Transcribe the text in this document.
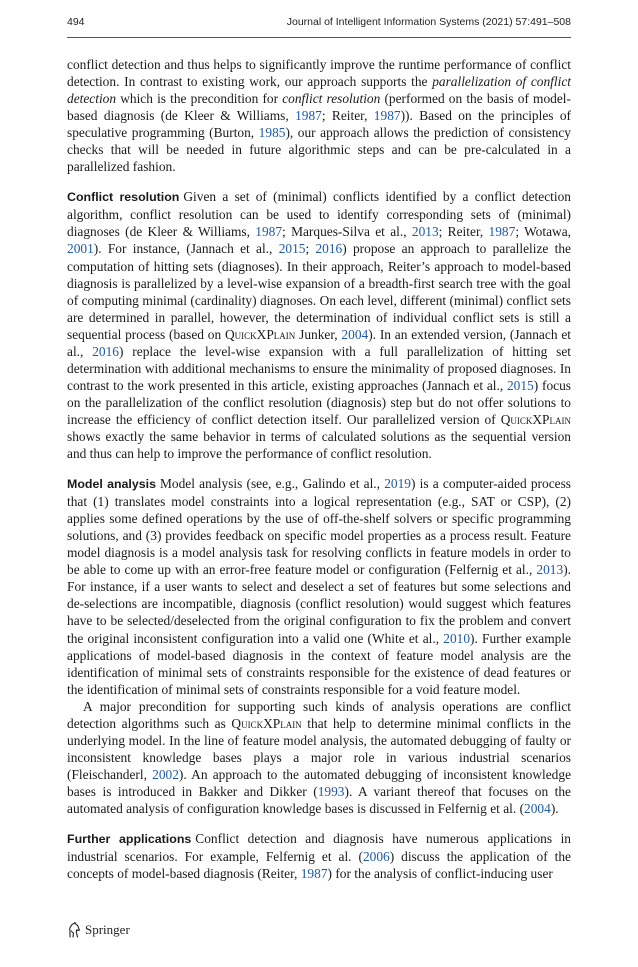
494	Journal of Intelligent Information Systems (2021) 57:491–508

conflict detection and thus helps to significantly improve the runtime performance of conflict detection. In contrast to existing work, our approach supports the parallelization of conflict detection which is the precondition for conflict resolution (performed on the basis of model-based diagnosis (de Kleer & Williams, 1987; Reiter, 1987)). Based on the principles of speculative programming (Burton, 1985), our approach allows the prediction of consistency checks that will be needed in future algorithmic steps and can be pre-calculated in a parallelized fashion.

Conflict resolution Given a set of (minimal) conflicts identified by a conflict detection algorithm, conflict resolution can be used to identify corresponding sets of (minimal) diagnoses (de Kleer & Williams, 1987; Marques-Silva et al., 2013; Reiter, 1987; Wotawa, 2001). For instance, (Jannach et al., 2015; 2016) propose an approach to parallelize the computation of hitting sets (diagnoses). In their approach, Reiter’s approach to model-based diagnosis is parallelized by a level-wise expansion of a breadth-first search tree with the goal of computing minimal (cardinality) diagnoses. On each level, different (minimal) conflict sets are determined in parallel, however, the determination of individual conflict sets is still a sequential process (based on QuickXPlain Junker, 2004). In an extended version, (Jannach et al., 2016) replace the level-wise expansion with a full parallelization of hitting set determination with additional mechanisms to ensure the minimality of proposed diagnoses. In contrast to the work presented in this article, existing approaches (Jannach et al., 2015) focus on the parallelization of the conflict resolution (diagnosis) step but do not offer solutions to increase the efficiency of conflict detection itself. Our parallelized version of QuickXPlain shows exactly the same behavior in terms of calculated solutions as the sequential version and thus can help to improve the performance of conflict resolution.

Model analysis Model analysis (see, e.g., Galindo et al., 2019) is a computer-aided process that (1) translates model constraints into a logical representation (e.g., SAT or CSP), (2) applies some defined operations by the use of off-the-shelf solvers or specific programming solutions, and (3) provides feedback on specific model properties as a process result. Feature model diagnosis is a model analysis task for resolving conflicts in feature models in order to be able to come up with an error-free feature model or configuration (Felfernig et al., 2013). For instance, if a user wants to select and deselect a set of features but some selections and de-selections are incompatible, diagnosis (conflict resolution) would suggest which features have to be selected/deselected from the original configuration to fix the problem and convert the original inconsistent configuration into a valid one (White et al., 2010). Further example applications of model-based diagnosis in the context of feature model analysis are the identification of minimal sets of constraints responsible for the existence of dead features or the identification of minimal sets of constraints responsible for a void feature model.

A major precondition for supporting such kinds of analysis operations are conflict detection algorithms such as QuickXPlain that help to determine minimal conflicts in the underlying model. In the line of feature model analysis, the automated debugging of faulty or inconsistent knowledge bases plays a major role in various industrial scenarios (Fleischanderl, 2002). An approach to the automated debugging of inconsistent knowledge bases is introduced in Bakker and Dikker (1993). A variant thereof that focuses on the automated analysis of configuration knowledge bases is discussed in Felfernig et al. (2004).

Further applications Conflict detection and diagnosis have numerous applications in industrial scenarios. For example, Felfernig et al. (2006) discuss the application of the concepts of model-based diagnosis (Reiter, 1987) for the analysis of conflict-inducing user

Springer
